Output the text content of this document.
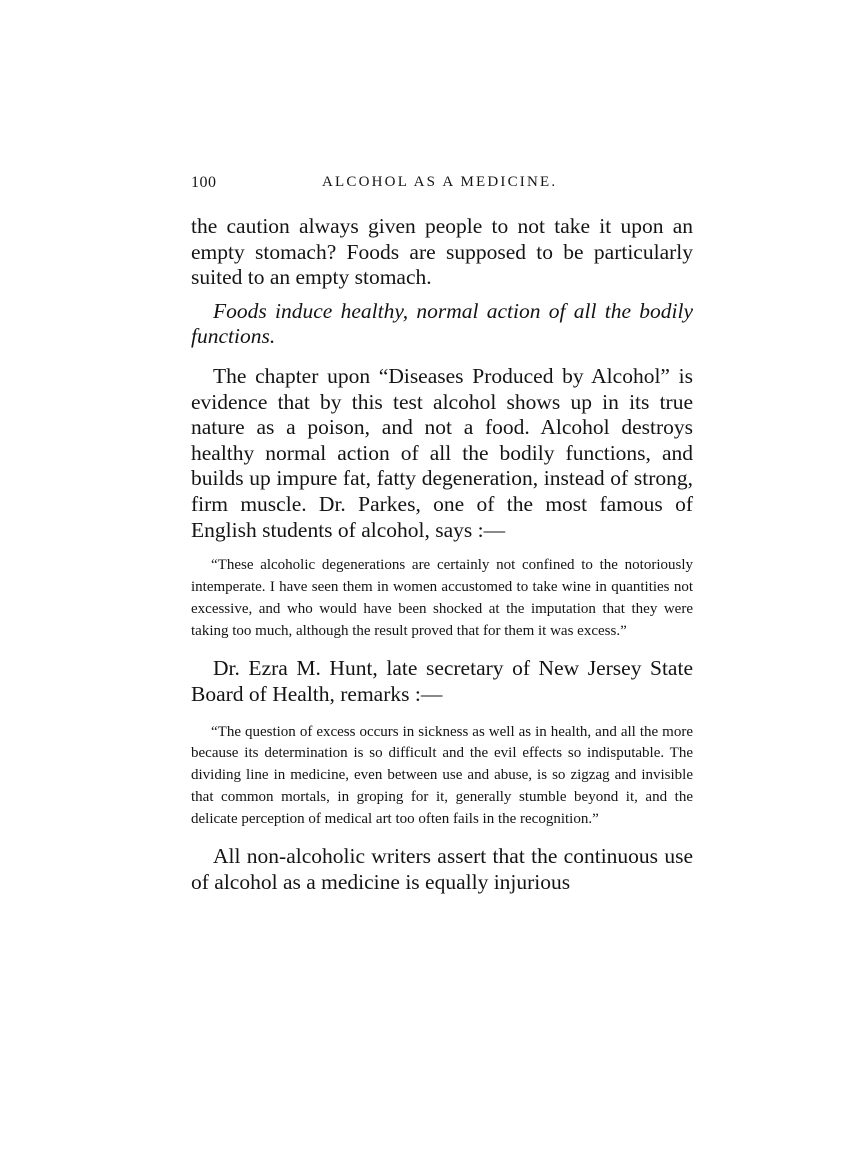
100	ALCOHOL AS A MEDICINE.

the caution always given people to not take it upon an empty stomach? Foods are supposed to be particularly suited to an empty stomach.

Foods induce healthy, normal action of all the bodily functions.

The chapter upon “Diseases Produced by Alcohol” is evidence that by this test alcohol shows up in its true nature as a poison, and not a food. Alcohol destroys healthy normal action of all the bodily functions, and builds up impure fat, fatty degeneration, instead of strong, firm muscle. Dr. Parkes, one of the most famous of English students of alcohol, says :—

“These alcoholic degenerations are certainly not confined to the notoriously intemperate. I have seen them in women accustomed to take wine in quantities not excessive, and who would have been shocked at the imputation that they were taking too much, although the result proved that for them it was excess.”

Dr. Ezra M. Hunt, late secretary of New Jersey State Board of Health, remarks :—

“The question of excess occurs in sickness as well as in health, and all the more because its determination is so difficult and the evil effects so indisputable. The dividing line in medicine, even between use and abuse, is so zigzag and invisible that common mortals, in groping for it, generally stumble beyond it, and the delicate perception of medical art too often fails in the recognition.”

All non-alcoholic writers assert that the continuous use of alcohol as a medicine is equally injurious
